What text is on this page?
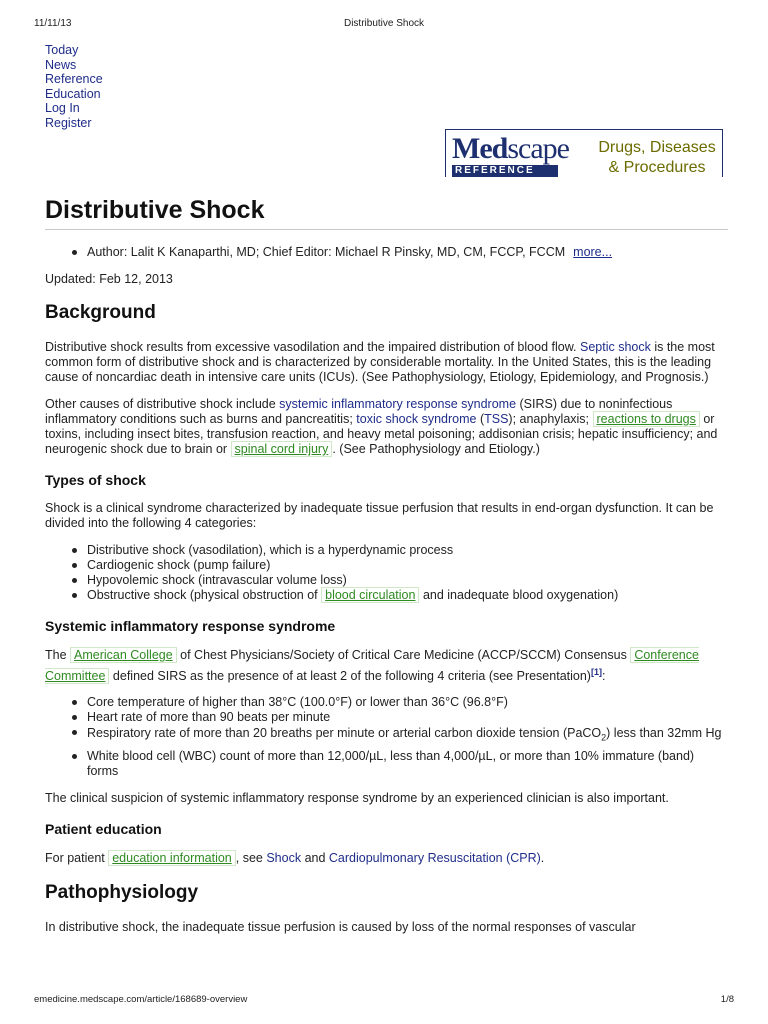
11/11/13	Distributive Shock
Today
News
Reference
Education
Log In
Register
Medscape
REFERENCE
Drugs, Diseases
& Procedures
Distributive Shock
Author: Lalit K Kanaparthi, MD; Chief Editor: Michael R Pinsky, MD, CM, FCCP, FCCM more...
Updated: Feb 12, 2013
Background

Distributive shock results from excessive vasodilation and the impaired distribution of blood flow. Septic shock is the most common form of distributive shock and is characterized by considerable mortality. In the United States, this is the leading cause of noncardiac death in intensive care units (ICUs). (See Pathophysiology, Etiology, Epidemiology, and Prognosis.)

Other causes of distributive shock include systemic inflammatory response syndrome (SIRS) due to noninfectious inflammatory conditions such as burns and pancreatitis; toxic shock syndrome (TSS); anaphylaxis; reactions to drugs or toxins, including insect bites, transfusion reaction, and heavy metal poisoning; addisonian crisis; hepatic insufficiency; and neurogenic shock due to brain or spinal cord injury . (See Pathophysiology and Etiology.)

Types of shock

Shock is a clinical syndrome characterized by inadequate tissue perfusion that results in end-organ dysfunction. It can be divided into the following 4 categories:

Distributive shock (vasodilation), which is a hyperdynamic process
Cardiogenic shock (pump failure)
Hypovolemic shock (intravascular volume loss)
Obstructive shock (physical obstruction of blood circulation and inadequate blood oxygenation)
Systemic inflammatory response syndrome

The American College of Chest Physicians/Society of Critical Care Medicine (ACCP/SCCM) Consensus Conference Committee defined SIRS as the presence of at least 2 of the following 4 criteria (see Presentation)[1]:

Core temperature of higher than 38°C (100.0°F) or lower than 36°C (96.8°F)
Heart rate of more than 90 beats per minute
Respiratory rate of more than 20 breaths per minute or arterial carbon dioxide tension (PaCO$_2$) less than 32mm Hg
White blood cell (WBC) count of more than 12,000/µL, less than 4,000/µL, or more than 10% immature (band) forms

The clinical suspicion of systemic inflammatory response syndrome by an experienced clinician is also important.

Patient education

For patient education information , see Shock and Cardiopulmonary Resuscitation (CPR).

Pathophysiology

In distributive shock, the inadequate tissue perfusion is caused by loss of the normal responses of vascular

emedicine.medscape.com/article/168689-overview	1/8
